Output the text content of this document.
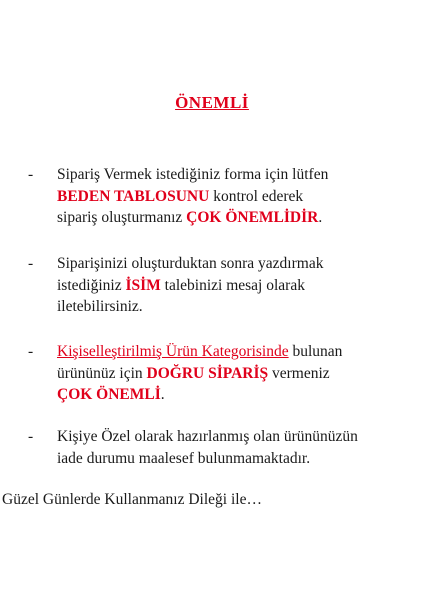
ÖNEMLİ
- Sipariş Vermek istediğiniz forma için lütfen
BEDEN TABLOSUNU kontrol ederek
sipariş oluşturmanız ÇOK ÖNEMLİDİR.
- Siparişinizi oluşturduktan sonra yazdırmak
istediğiniz İSİM talebinizi mesaj olarak
iletebilirsiniz.
- Kişiselleştirilmiş Ürün Kategorisinde bulunan
ürününüz için DOĞRU SİPARİŞ vermeniz
ÇOK ÖNEMLİ.
- Kişiye Özel olarak hazırlanmış olan ürününüzün
iade durumu maalesef bulunmamaktadır.
Güzel Günlerde Kullanmanız Dileği ile…
